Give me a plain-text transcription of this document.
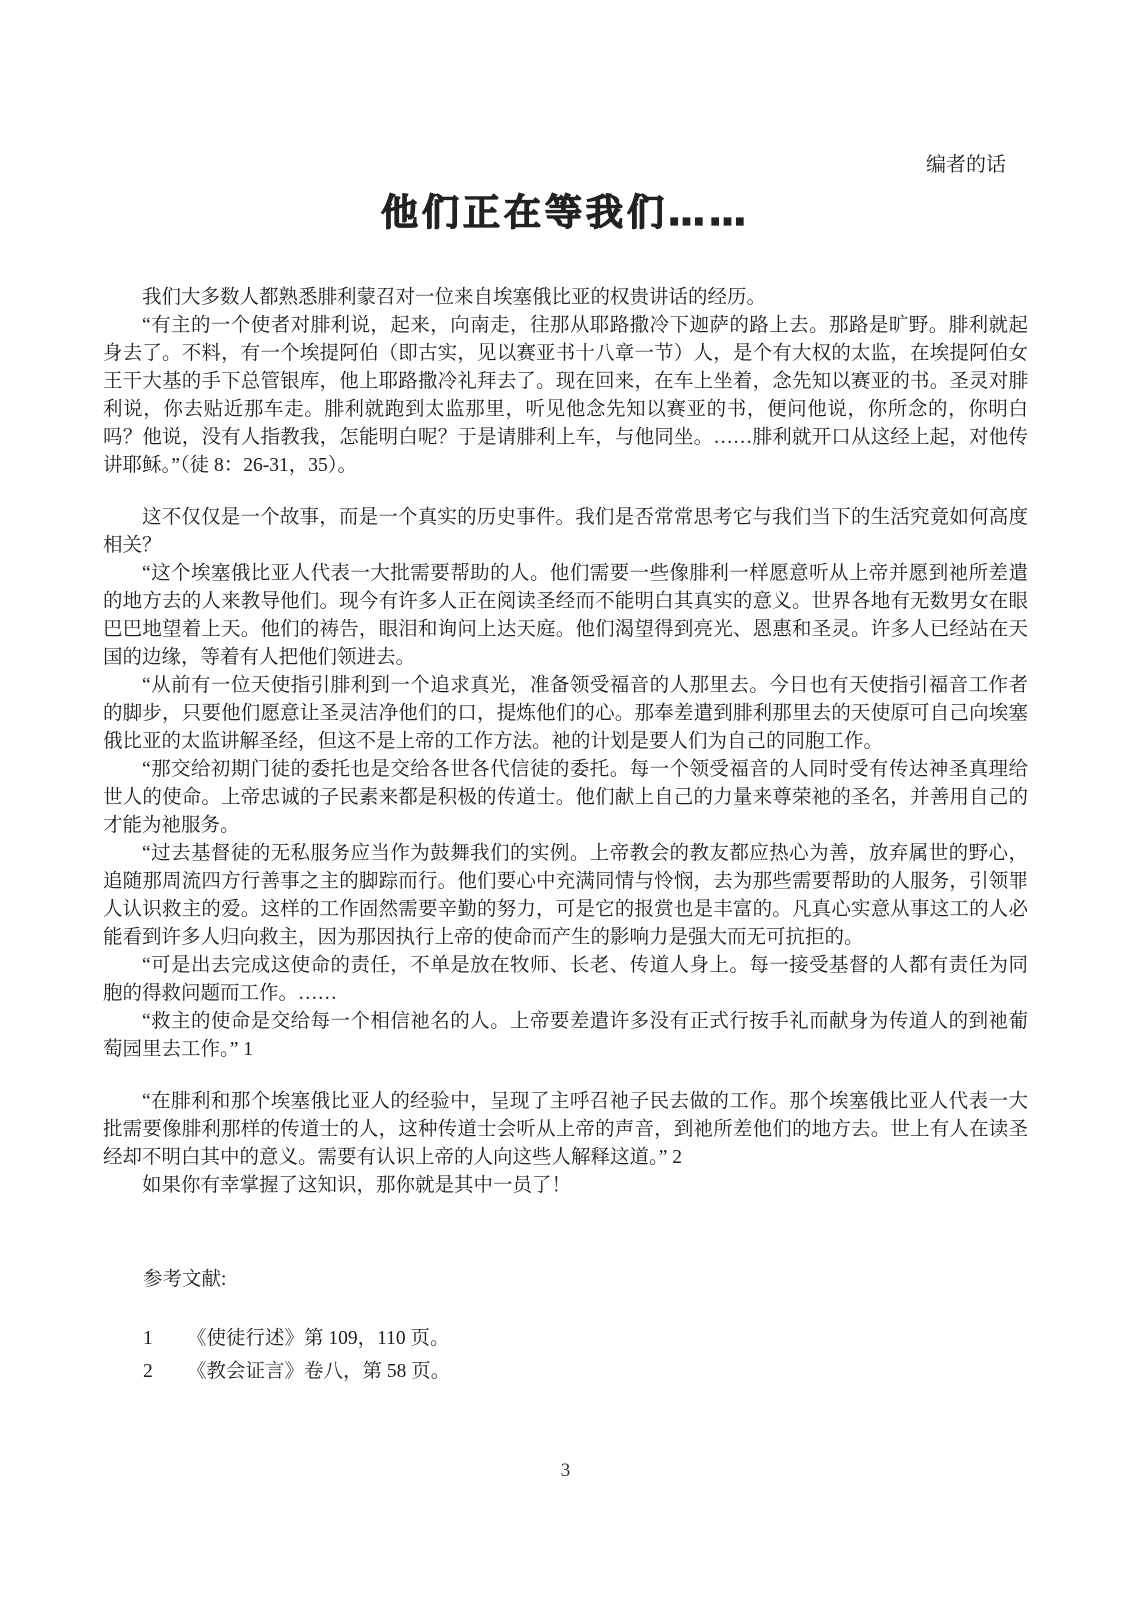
编者的话
他们正在等我们……

我们大多数人都熟悉腓利蒙召对一位来自埃塞俄比亚的权贵讲话的经历。

“有主的一个使者对腓利说，起来，向南走，往那从耶路撒冷下迦萨的路上去。那路是旷野。腓利就起身去了。不料，有一个埃提阿伯（即古实，见以赛亚书十八章一节）人，是个有大权的太监，在埃提阿伯女王干大基的手下总管银库，他上耶路撒冷礼拜去了。现在回来，在车上坐着，念先知以赛亚的书。圣灵对腓利说，你去贴近那车走。腓利就跑到太监那里，听见他念先知以赛亚的书，便问他说，你所念的，你明白吗？他说，没有人指教我，怎能明白呢？于是请腓利上车，与他同坐。……腓利就开口从这经上起，对他传讲耶稣。”（徒 8：26-31，35）。

这不仅仅是一个故事，而是一个真实的历史事件。我们是否常常思考它与我们当下的生活究竟如何高度相关？

“这个埃塞俄比亚人代表一大批需要帮助的人。他们需要一些像腓利一样愿意听从上帝并愿到祂所差遣的地方去的人来教导他们。现今有许多人正在阅读圣经而不能明白其真实的意义。世界各地有无数男女在眼巴巴地望着上天。他们的祷告，眼泪和询问上达天庭。他们渴望得到亮光、恩惠和圣灵。许多人已经站在天国的边缘，等着有人把他们领进去。

“从前有一位天使指引腓利到一个追求真光，准备领受福音的人那里去。今日也有天使指引福音工作者的脚步，只要他们愿意让圣灵洁净他们的口，提炼他们的心。那奉差遣到腓利那里去的天使原可自己向埃塞俄比亚的太监讲解圣经，但这不是上帝的工作方法。祂的计划是要人们为自己的同胞工作。

“那交给初期门徒的委托也是交给各世各代信徒的委托。每一个领受福音的人同时受有传达神圣真理给世人的使命。上帝忠诚的子民素来都是积极的传道士。他们献上自己的力量来尊荣祂的圣名，并善用自己的才能为祂服务。

“过去基督徒的无私服务应当作为鼓舞我们的实例。上帝教会的教友都应热心为善，放弃属世的野心，追随那周流四方行善事之主的脚踪而行。他们要心中充满同情与怜悯，去为那些需要帮助的人服务，引领罪人认识救主的爱。这样的工作固然需要辛勤的努力，可是它的报赏也是丰富的。凡真心实意从事这工的人必能看到许多人归向救主，因为那因执行上帝的使命而产生的影响力是强大而无可抗拒的。

“可是出去完成这使命的责任，不单是放在牧师、长老、传道人身上。每一接受基督的人都有责任为同胞的得救问题而工作。……

“救主的使命是交给每一个相信祂名的人。上帝要差遣许多没有正式行按手礼而献身为传道人的到祂葡萄园里去工作。” 1

“在腓利和那个埃塞俄比亚人的经验中，呈现了主呼召祂子民去做的工作。那个埃塞俄比亚人代表一大批需要像腓利那样的传道士的人，这种传道士会听从上帝的声音，到祂所差他们的地方去。世上有人在读圣经却不明白其中的意义。需要有认识上帝的人向这些人解释这道。” 2

如果你有幸掌握了这知识，那你就是其中一员了！

参考文献:

1 《使徒行述》第 109，110 页。
2 《教会证言》卷八，第 58 页。
3
